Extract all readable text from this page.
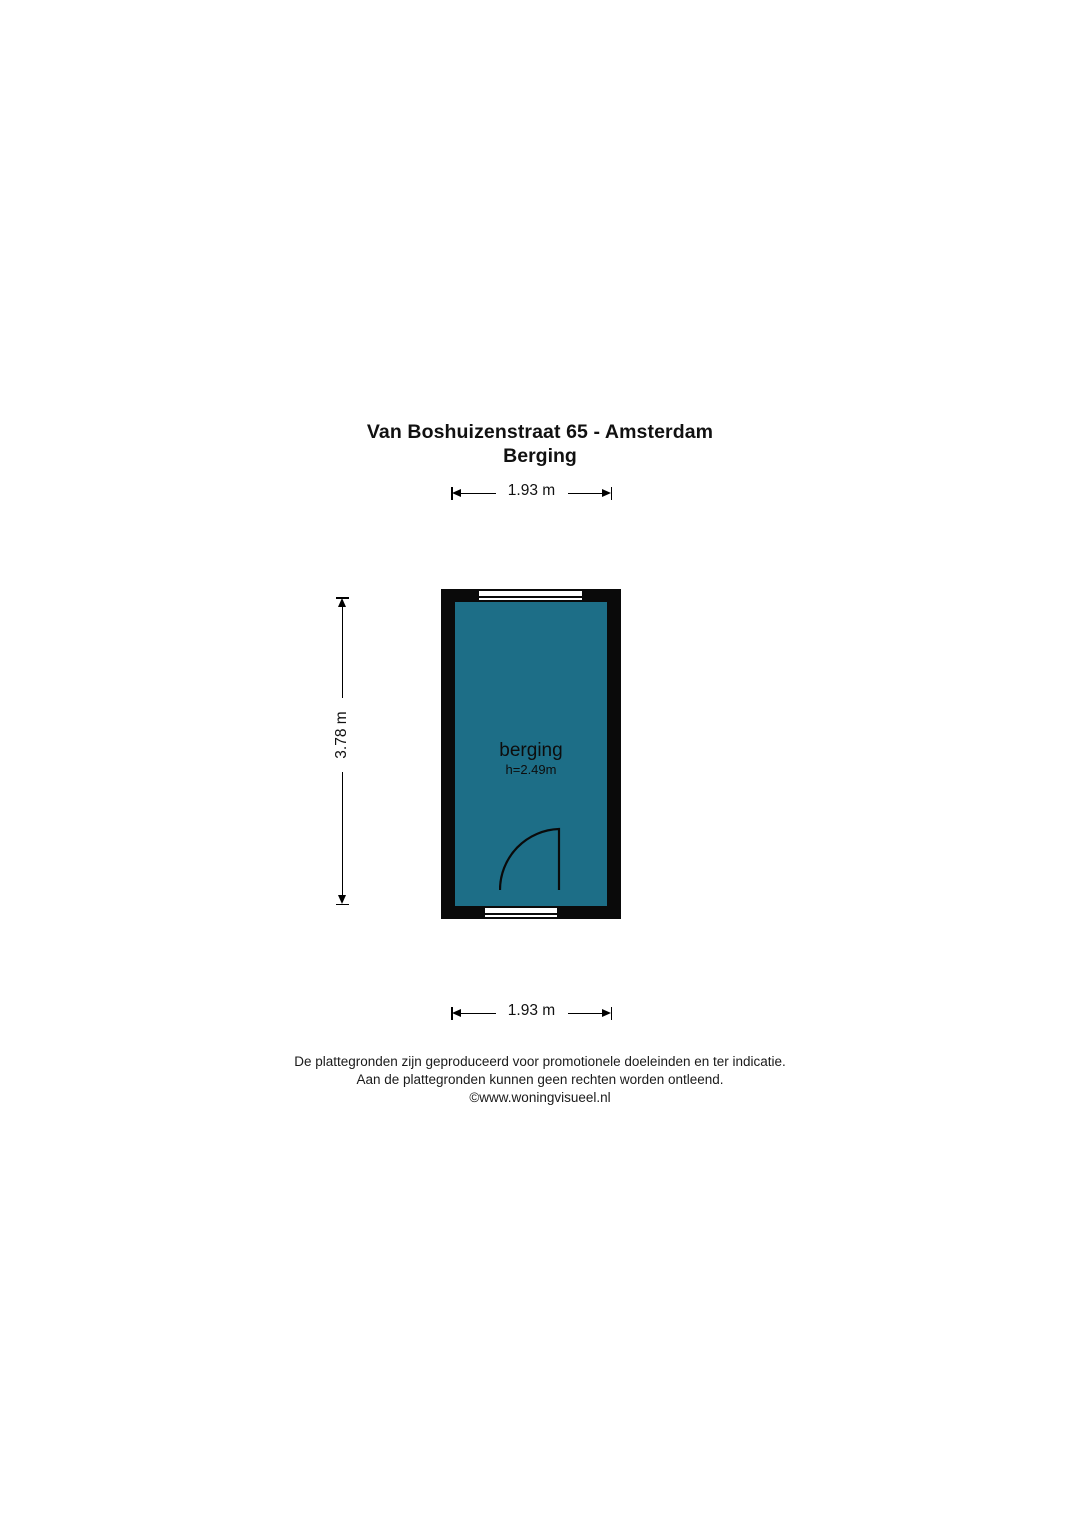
Van Boshuizenstraat 65 - Amsterdam
Berging
1.93 m
3.78 m	berging
h=2.49m
1.93 m
De plattegronden zijn geproduceerd voor promotionele doeleinden en ter indicatie.
Aan de plattegronden kunnen geen rechten worden ontleend.
©www.woningvisueel.nl
